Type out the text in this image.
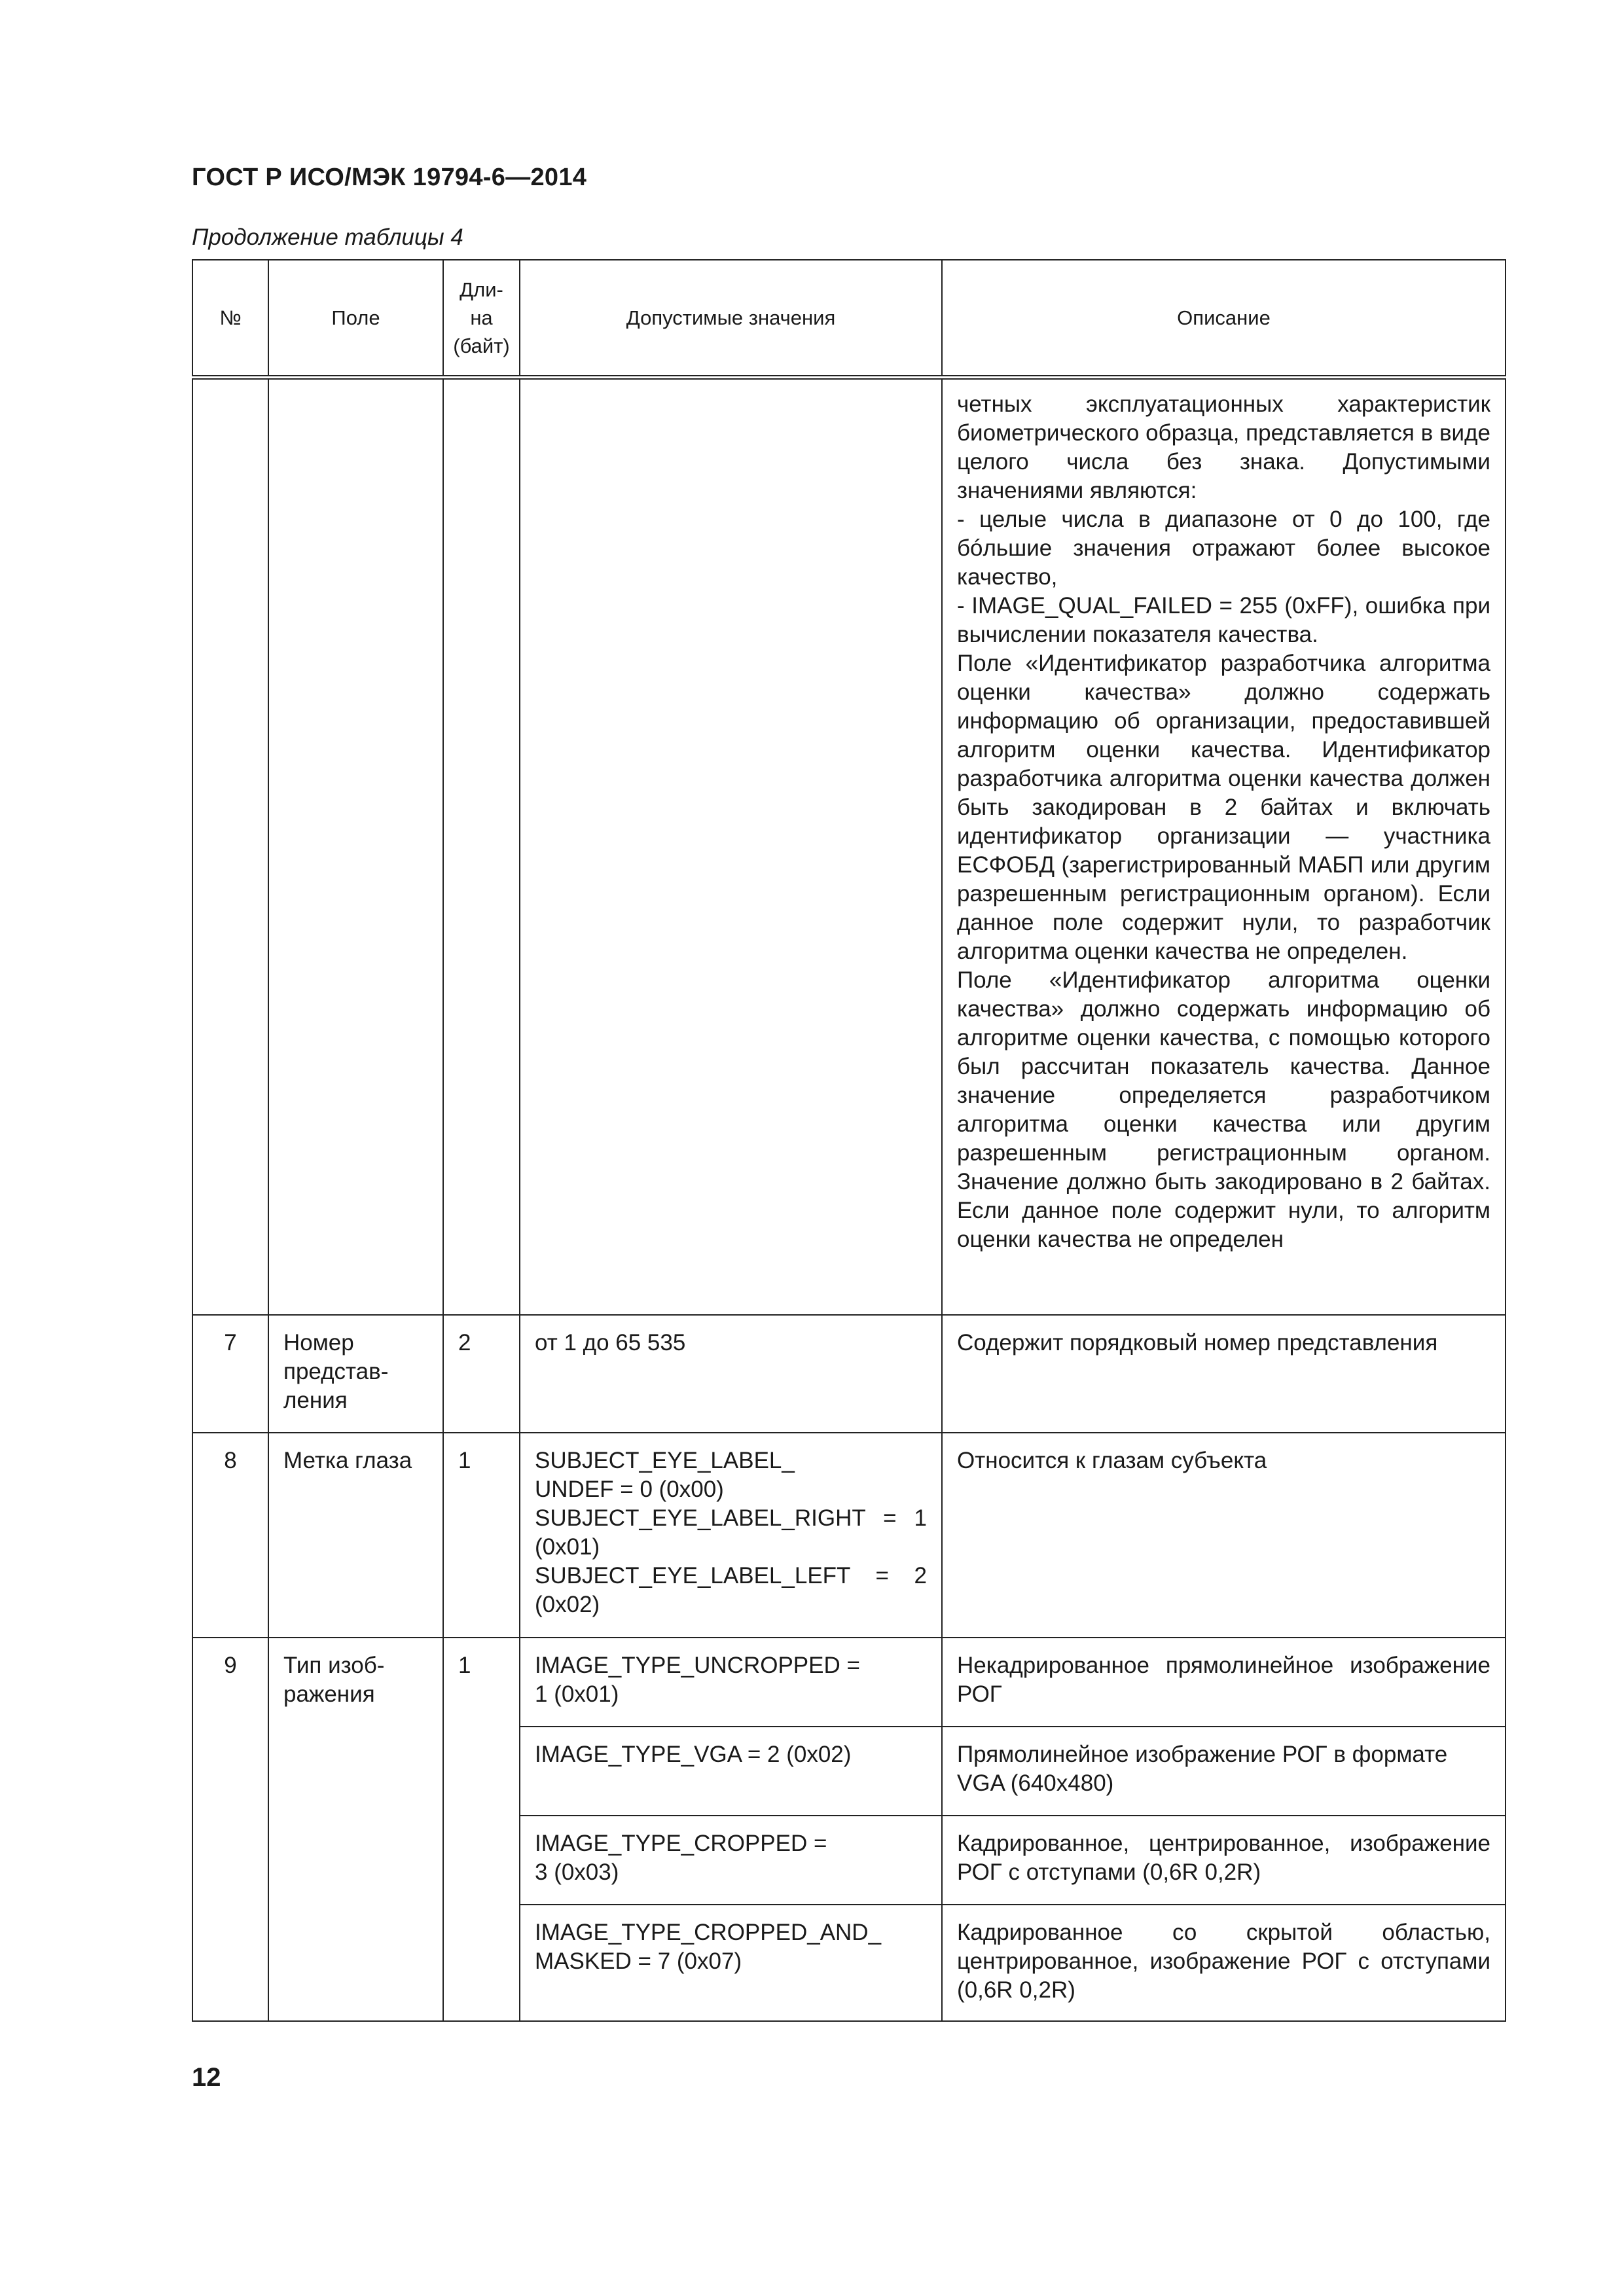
ГОСТ Р ИСО/МЭК 19794-6—2014

Продолжение таблицы 4

№	Поле	Дли-
на
(байт)	Допустимые значения	Описание

				четных эксплуатационных характеристик биометрического образца, представляется в виде целого числа без знака. Допустимыми значениями являются:
- целые числа в диапазоне от 0 до 100, где бóльшие значения отражают более высокое качество,
- IMAGE_QUAL_FAILED = 255 (0xFF), ошибка при вычислении показателя качества.
Поле «Идентификатор разработчика алгоритма оценки качества» должно содержать информацию об организации, предоставившей алгоритм оценки качества. Идентификатор разработчика алгоритма оценки качества должен быть закодирован в 2 байтах и включать идентификатор организации — участника ЕСФОБД (зарегистрированный МАБП или другим разрешенным регистрационным органом). Если данное поле содержит нули, то разработчик алгоритма оценки качества не определен.
Поле «Идентификатор алгоритма оценки качества» должно содержать информацию об алгоритме оценки качества, с помощью которого был рассчитан показатель качества. Данное значение определяется разработчиком алгоритма оценки качества или другим разрешенным регистрационным органом. Значение должно быть закодировано в 2 байтах. Если данное поле содержит нули, то алгоритм оценки качества не определен

7	Номер представ-
ления	2	от 1 до 65 535	Содержит порядковый номер представления
8	Метка глаза	1	SUBJECT_EYE_LABEL_
UNDEF = 0 (0x00)
SUBJECT_EYE_LABEL_RIGHT = 1 (0x01)
SUBJECT_EYE_LABEL_LEFT = 2 (0x02)	Относится к глазам субъекта
9	Тип изоб-
ражения	1	IMAGE_TYPE_UNCROPPED =
1 (0x01)	Некадрированное прямолинейное изображение РОГ
			IMAGE_TYPE_VGA = 2 (0x02)	Прямолинейное изображение РОГ в формате VGA (640x480)
			IMAGE_TYPE_CROPPED =
3 (0x03)	Кадрированное, центрированное, изображение РОГ с отступами (0,6R 0,2R)
			IMAGE_TYPE_CROPPED_AND_
MASKED = 7 (0x07)	Кадрированное со скрытой областью, центрированное, изображение РОГ с отступами (0,6R 0,2R)

12
